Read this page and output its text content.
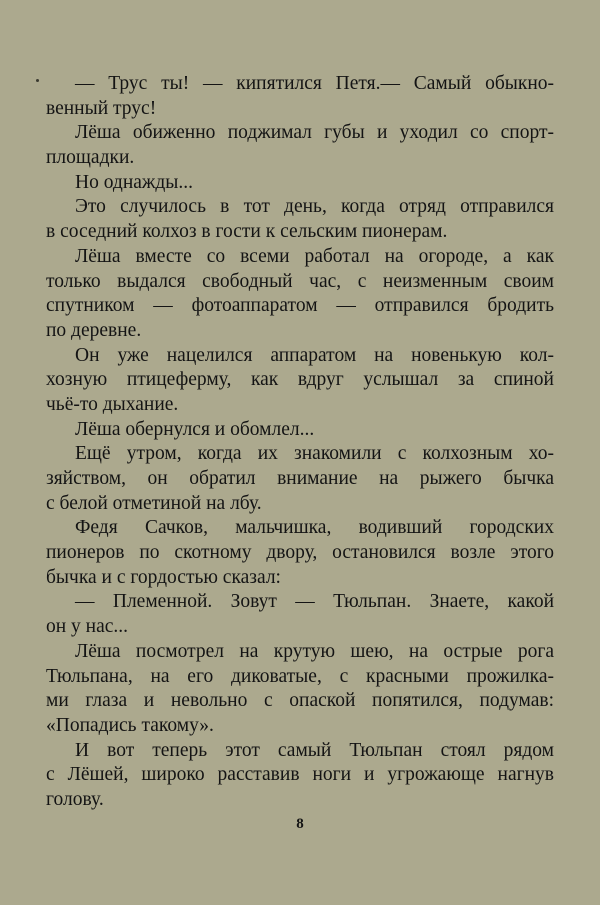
— Трус ты! — кипятился Петя.— Самый обыкно-
венный трус!
Лёша обиженно поджимал губы и уходил со спорт-
площадки.
Но однажды...
Это случилось в тот день, когда отряд отправился
в соседний колхоз в гости к сельским пионерам.
Лёша вместе со всеми работал на огороде, а как
только выдался свободный час, с неизменным своим
спутником — фотоаппаратом — отправился бродить
по деревне.
Он уже нацелился аппаратом на новенькую кол-
хозную птицеферму, как вдруг услышал за спиной
чьё-то дыхание.
Лёша обернулся и обомлел...
Ещё утром, когда их знакомили с колхозным хо-
зяйством, он обратил внимание на рыжего бычка
с белой отметиной на лбу.
Федя Сачков, мальчишка, водивший городских
пионеров по скотному двору, остановился возле этого
бычка и с гордостью сказал:
— Племенной. Зовут — Тюльпан. Знаете, какой
он у нас...
Лёша посмотрел на крутую шею, на острые рога
Тюльпана, на его диковатые, с красными прожилка-
ми глаза и невольно с опаской попятился, подумав:
«Попадись такому».
И вот теперь этот самый Тюльпан стоял рядом
с Лёшей, широко расставив ноги и угрожающе нагнув
голову.
8
